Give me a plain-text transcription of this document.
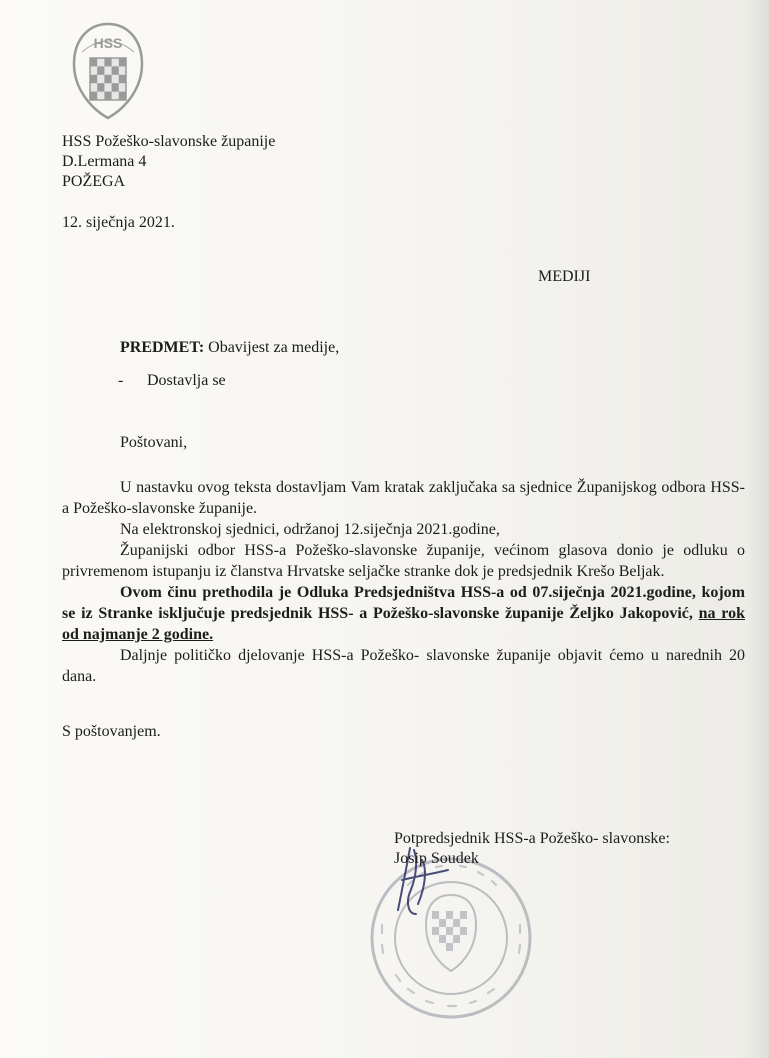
HSS
HSS Požeško-slavonske županije
D.Lermana 4
POŽEGA
12. siječnja 2021.
MEDIJI
PREDMET: Obavijest za medije,
- Dostavlja se
Poštovani,
U nastavku ovog teksta dostavljam Vam kratak zaključaka sa sjednice Županijskog odbora HSS-a Požeško-slavonske županije.
Na elektronskoj sjednici, održanoj 12.siječnja 2021.godine,
Županijski odbor HSS-a Požeško-slavonske županije, većinom glasova donio je odluku o privremenom istupanju iz članstva Hrvatske seljačke stranke dok je predsjednik Krešo Beljak.
Ovom činu prethodila je Odluka Predsjedništva HSS-a od 07.siječnja 2021.godine, kojom se iz Stranke isključuje predsjednik HSS- a Požeško-slavonske županije Željko Jakopović, na rok od najmanje 2 godine.
Daljnje političko djelovanje HSS-a Požeško- slavonske županije objavit ćemo u narednih 20 dana.
S poštovanjem.
Potpredsjednik HSS-a Požeško- slavonske:
Josip Soudek
